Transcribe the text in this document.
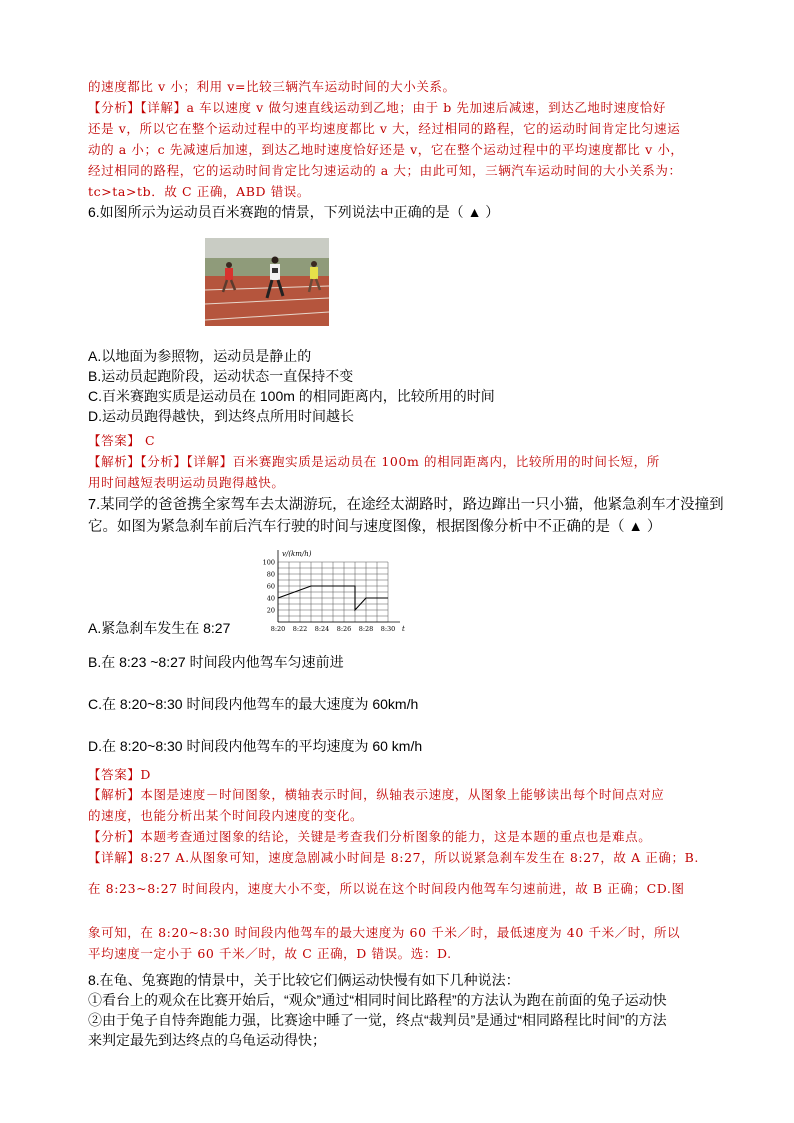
的速度都比 v 小；利用 v=比较三辆汽车运动时间的大小关系。
【分析】【详解】a 车以速度 v 做匀速直线运动到乙地；由于 b 先加速后减速，到达乙地时速度恰好
还是 v，所以它在整个运动过程中的平均速度都比 v 大，经过相同的路程，它的运动时间肯定比匀速运
动的 a 小；c 先减速后加速，到达乙地时速度恰好还是 v，它在整个运动过程中的平均速度都比 v 小，
经过相同的路程，它的运动时间肯定比匀速运动的 a 大；由此可知，三辆汽车运动时间的大小关系为：
tc>ta>tb．故 C 正确，ABD 错误。
6.如图所示为运动员百米赛跑的情景，下列说法中正确的是（ ▲ ）
A.以地面为参照物，运动员是静止的
B.运动员起跑阶段，运动状态一直保持不变
C.百米赛跑实质是运动员在 100m 的相同距离内，比较所用的时间
D.运动员跑得越快，到达终点所用时间越长
【答案】 C
【解析】【分析】【详解】百米赛跑实质是运动员在 100m 的相同距离内，比较所用的时间长短，所
用时间越短表明运动员跑得越快。
7.某同学的爸爸携全家驾车去太湖游玩，在途经太湖路时，路边蹿出一只小猫，他紧急刹车才没撞到
它。如图为紧急刹车前后汽车行驶的时间与速度图像，根据图像分析中不正确的是（ ▲ ）
20
40
60
80
100
8:20 8:22 8:24 8:26 8:28 8:30
v/(km/h)
t
A.紧急刹车发生在 8:27
B.在 8:23 ~8:27 时间段内他驾车匀速前进
C.在 8:20~8:30 时间段内他驾车的最大速度为 60km/h
D.在 8:20~8:30 时间段内他驾车的平均速度为 60 km/h
【答案】D
【解析】本图是速度－时间图象，横轴表示时间，纵轴表示速度，从图象上能够读出每个时间点对应
的速度，也能分析出某个时间段内速度的变化。
【分析】本题考查通过图象的结论，关键是考查我们分析图象的能力，这是本题的重点也是难点。
【详解】8:27 A.从图象可知，速度急剧减小时间是 8:27，所以说紧急刹车发生在 8:27，故 A 正确；B.
在 8:23~8:27 时间段内，速度大小不变，所以说在这个时间段内他驾车匀速前进，故 B 正确；CD.图
象可知，在 8:20~8:30 时间段内他驾车的最大速度为 60 千米／时，最低速度为 40 千米／时，所以
平均速度一定小于 60 千米／时，故 C 正确，D 错误。选：D.
8.在龟、兔赛跑的情景中，关于比较它们俩运动快慢有如下几种说法：
①看台上的观众在比赛开始后，“观众”通过“相同时间比路程”的方法认为跑在前面的兔子运动快
②由于兔子自恃奔跑能力强，比赛途中睡了一觉，终点“裁判员”是通过“相同路程比时间”的方法
来判定最先到达终点的乌龟运动得快；
